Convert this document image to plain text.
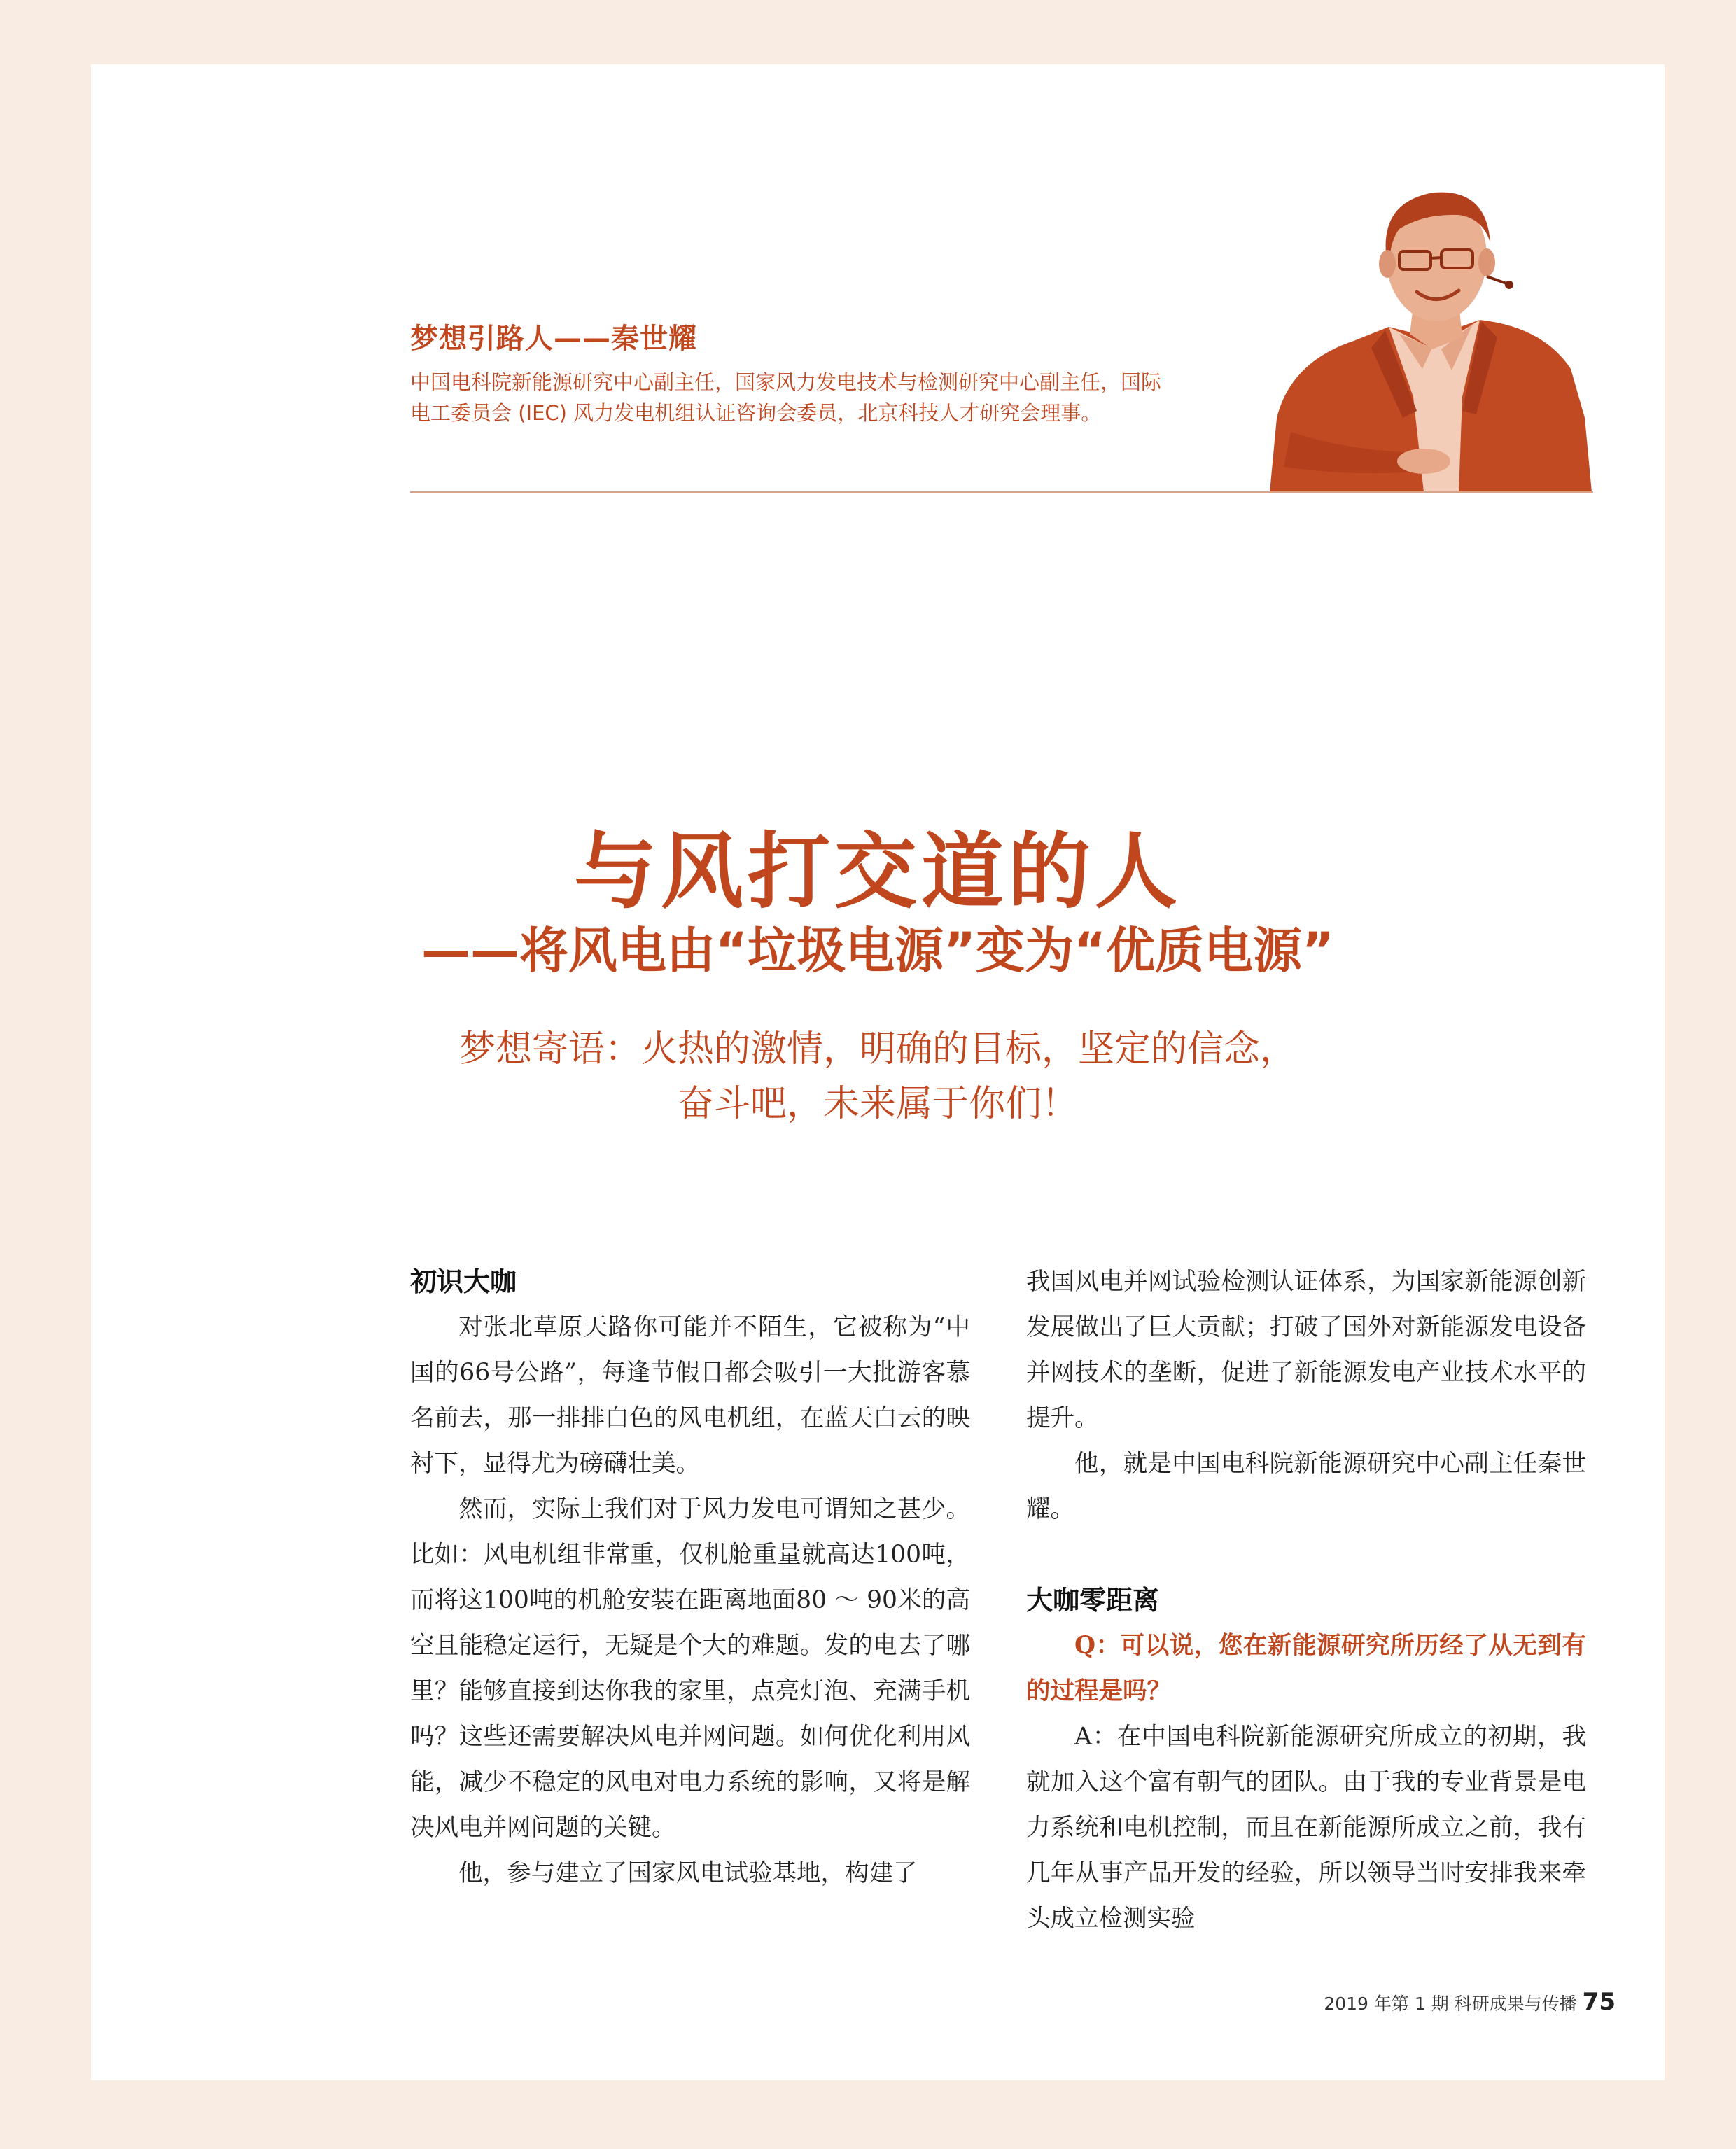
梦想引路人——秦世耀
中国电科院新能源研究中心副主任，国家风力发电技术与检测研究中心副主任，国际电工委员会 (IEC) 风力发电机组认证咨询会委员，北京科技人才研究会理事。
与风打交道的人
——将风电由“垃圾电源”变为“优质电源”
梦想寄语：火热的激情，明确的目标，坚定的信念，
奋斗吧，未来属于你们！
初识大咖

对张北草原天路你可能并不陌生，它被称为“中国的66号公路”，每逢节假日都会吸引一大批游客慕名前去，那一排排白色的风电机组，在蓝天白云的映衬下，显得尤为磅礴壮美。

然而，实际上我们对于风力发电可谓知之甚少。比如：风电机组非常重，仅机舱重量就高达100吨，而将这100吨的机舱安装在距离地面80 ～ 90米的高空且能稳定运行，无疑是个大的难题。发的电去了哪里？能够直接到达你我的家里，点亮灯泡、充满手机吗？这些还需要解决风电并网问题。如何优化利用风能，减少不稳定的风电对电力系统的影响，又将是解决风电并网问题的关键。

他，参与建立了国家风电试验基地，构建了

我国风电并网试验检测认证体系，为国家新能源创新发展做出了巨大贡献；打破了国外对新能源发电设备并网技术的垄断，促进了新能源发电产业技术水平的提升。

他，就是中国电科院新能源研究中心副主任秦世耀。

大咖零距离

Q：可以说，您在新能源研究所历经了从无到有的过程是吗？

A：在中国电科院新能源研究所成立的初期，我就加入这个富有朝气的团队。由于我的专业背景是电力系统和电机控制，而且在新能源所成立之前，我有几年从事产品开发的经验，所以领导当时安排我来牵头成立检测实验

2019 年第 1 期 科研成果与传播 75
